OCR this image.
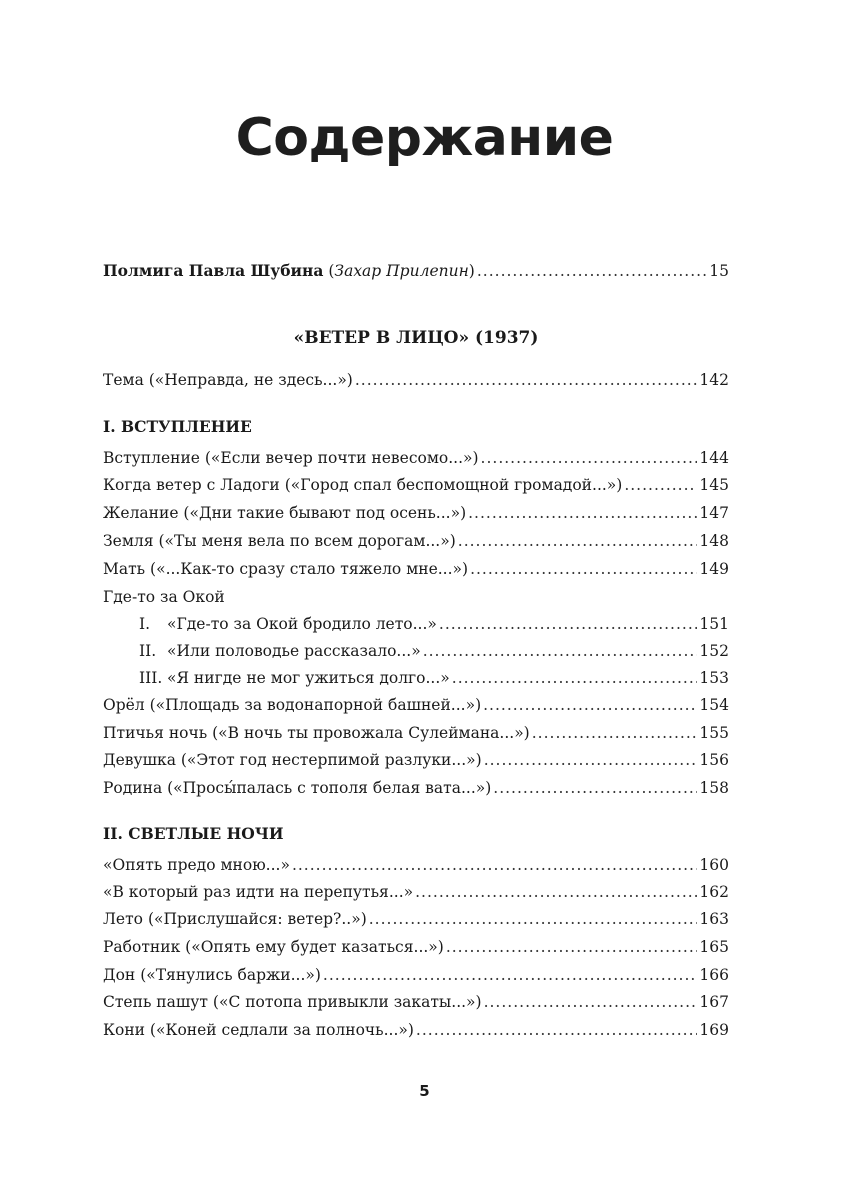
Содержание
Полмига Павла Шубина (Захар Прилепин) .....	15
«ВЕТЕР В ЛИЦО» (1937)
Тема («Неправда, не здесь...») .....	142
I. ВСТУПЛЕНИЕ
Вступление («Если вечер почти невесомо...») .....	144
Когда ветер с Ладоги («Город спал беспомощной громадой...») .....	145
Желание («Дни такие бывают под осень...») .....	147
Земля («Ты меня вела по всем дорогам...») .....	148
Мать («...Как-то сразу стало тяжело мне...») .....	149
Где-то за Окой
I. «Где-то за Окой бродило лето...» .....	151
II. «Или половодье рассказало...» .....	152
III. «Я нигде не мог ужиться долго...» .....	153
Орёл («Площадь за водонапорной башней...») .....	154
Птичья ночь («В ночь ты провожала Сулеймана...») .....	155
Девушка («Этот год нестерпимой разлуки...») .....	156
Родина («Просы́палась с тополя белая вата...») .....	158
II. СВЕТЛЫЕ НОЧИ
«Опять предо мною...» .....	160
«В который раз идти на перепутья...» .....	162
Лето («Прислушайся: ветер?..») .....	163
Работник («Опять ему будет казаться...») .....	165
Дон («Тянулись баржи...») .....	166
Степь пашут («С потопа привыкли закаты...») .....	167
Кони («Коней седлали за полночь...») .....	169
5
